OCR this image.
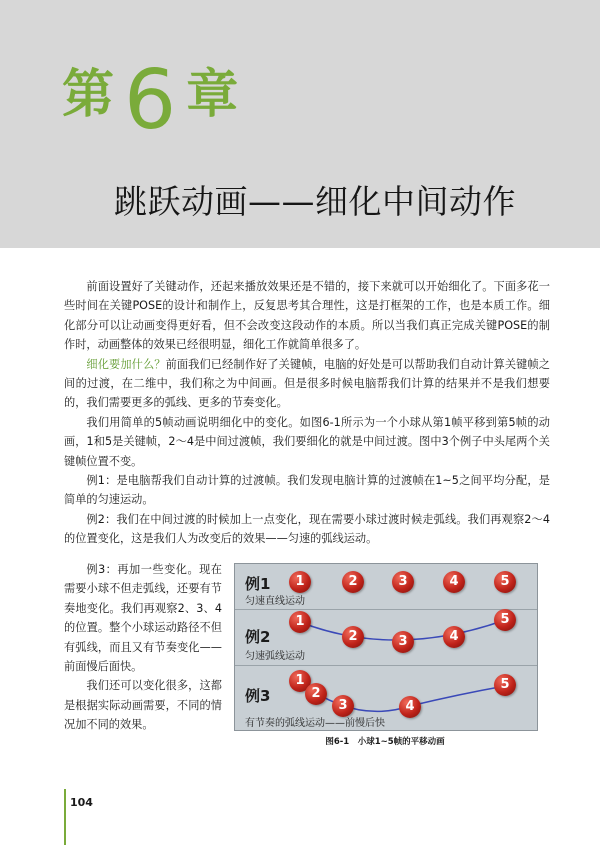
第 6 章
跳跃动画——细化中间动作

前面设置好了关键动作，还起来播放效果还是不错的，接下来就可以开始细化了。下面多花一些时间在关键POSE的设计和制作上，反复思考其合理性，这是打框架的工作，也是本质工作。细化部分可以让动画变得更好看，但不会改变这段动作的本质。所以当我们真正完成关键POSE的制作时，动画整体的效果已经很明显，细化工作就简单很多了。

细化要加什么？前面我们已经制作好了关键帧，电脑的好处是可以帮助我们自动计算关键帧之间的过渡，在二维中，我们称之为中间画。但是很多时候电脑帮我们计算的结果并不是我们想要的，我们需要更多的弧线、更多的节奏变化。

我们用简单的5帧动画说明细化中的变化。如图6-1所示为一个小球从第1帧平移到第5帧的动画，1和5是关键帧，2～4是中间过渡帧，我们要细化的就是中间过渡。图中3个例子中头尾两个关键帧位置不变。

例1：是电脑帮我们自动计算的过渡帧。我们发现电脑计算的过渡帧在1~5之间平均分配，是简单的匀速运动。

例2：我们在中间过渡的时候加上一点变化，现在需要小球过渡时候走弧线。我们再观察2～4的位置变化，这是我们人为改变后的效果——匀速的弧线运动。

例3：再加一些变化。现在需要小球不但走弧线，还要有节奏地变化。我们再观察2、3、4的位置。整个小球运动路径不但有弧线，而且又有节奏变化——前面慢后面快。

我们还可以变化很多，这都是根据实际动画需要，不同的情况加不同的效果。

例1
匀速直线运动
1	2	3	4	5
例2
匀速弧线运动
1
2	3	4
5
例3
有节奏的弧线运动——前慢后快
1
2
3	4
5
图6-1　小球1~5帧的平移动画
104
